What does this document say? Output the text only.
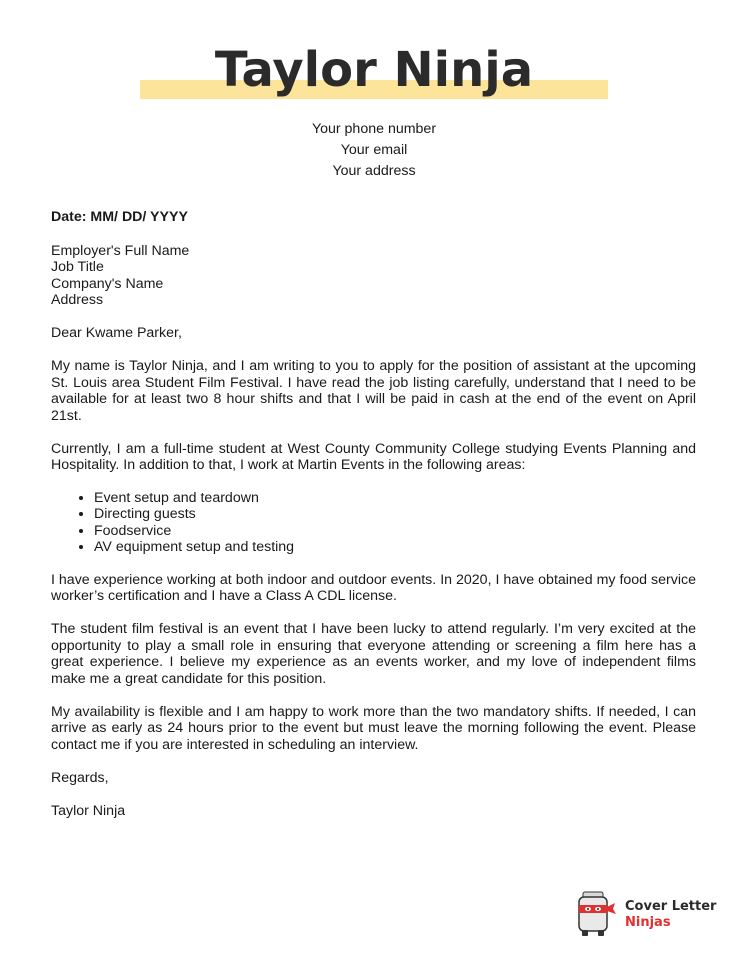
Taylor Ninja
Your phone number
Your email
Your address
Date: MM/ DD/ YYYY
Employer's Full Name
Job Title
Company's Name
Address
Dear Kwame Parker,

My name is Taylor Ninja, and I am writing to you to apply for the position of assistant at the upcoming St. Louis area Student Film Festival. I have read the job listing carefully, understand that I need to be available for at least two 8 hour shifts and that I will be paid in cash at the end of the event on April 21st.

Currently, I am a full-time student at West County Community College studying Events Planning and Hospitality. In addition to that, I work at Martin Events in the following areas:

• Event setup and teardown
• Directing guests
• Foodservice
• AV equipment setup and testing

I have experience working at both indoor and outdoor events. In 2020, I have obtained my food service worker’s certification and I have a Class A CDL license.

The student film festival is an event that I have been lucky to attend regularly. I’m very excited at the opportunity to play a small role in ensuring that everyone attending or screening a film here has a great experience. I believe my experience as an events worker, and my love of independent films make me a great candidate for this position.

My availability is flexible and I am happy to work more than the two mandatory shifts. If needed, I can arrive as early as 24 hours prior to the event but must leave the morning following the event. Please contact me if you are interested in scheduling an interview.

Regards,
Taylor Ninja
Cover Letter
Ninjas
